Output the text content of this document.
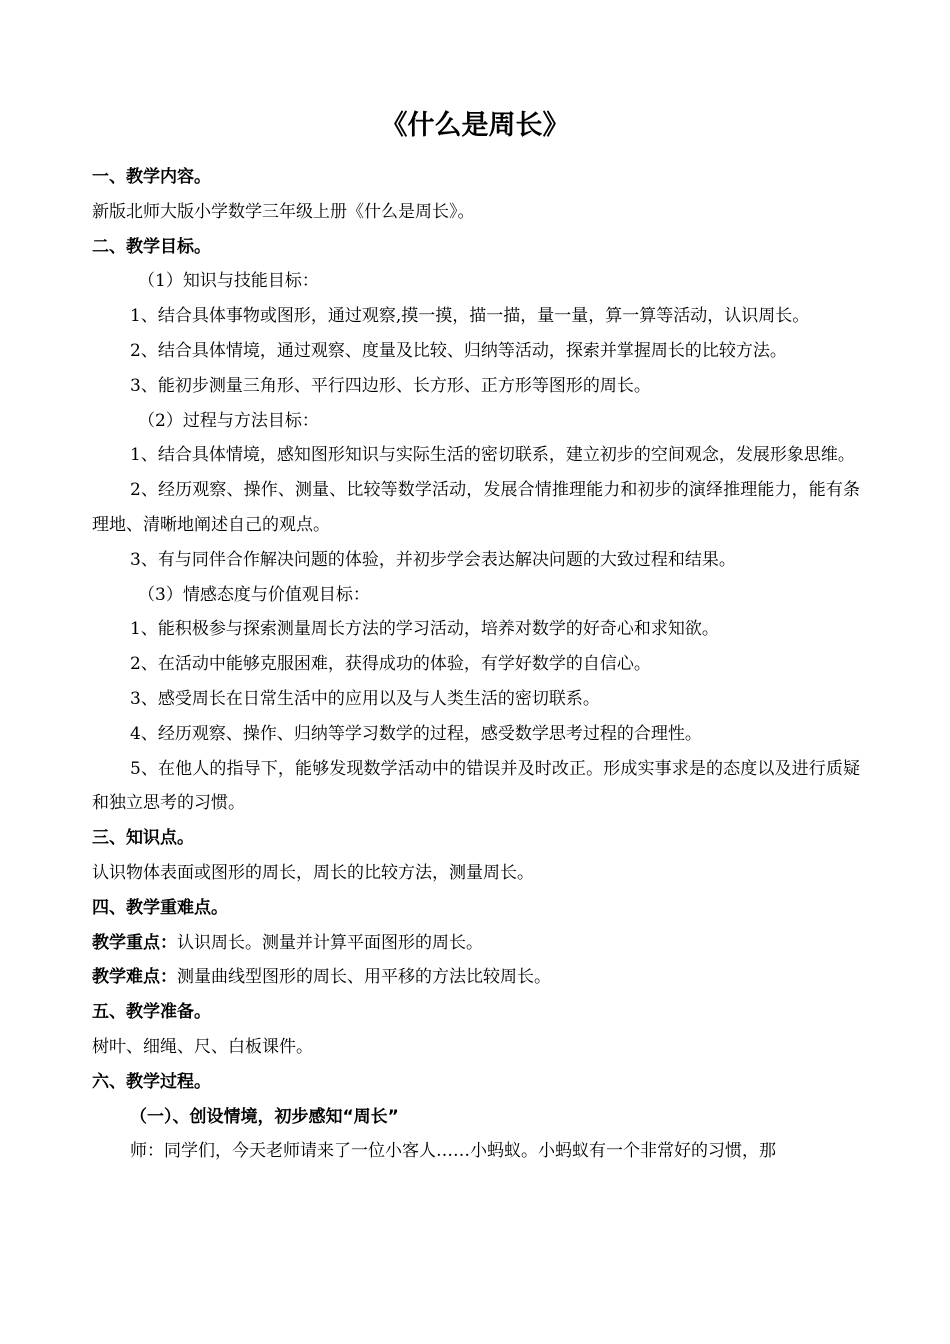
《什么是周长》

一、教学内容。

新版北师大版小学数学三年级上册《什么是周长》。

二、教学目标。

（1）知识与技能目标：

1、结合具体事物或图形，通过观察,摸一摸，描一描，量一量，算一算等活动，认识周长。

2、结合具体情境，通过观察、度量及比较、归纳等活动，探索并掌握周长的比较方法。

3、能初步测量三角形、平行四边形、长方形、正方形等图形的周长。

（2）过程与方法目标：

1、结合具体情境，感知图形知识与实际生活的密切联系，建立初步的空间观念，发展形象思维。

2、经历观察、操作、测量、比较等数学活动，发展合情推理能力和初步的演绎推理能力，能有条理地、清晰地阐述自己的观点。

3、有与同伴合作解决问题的体验，并初步学会表达解决问题的大致过程和结果。

（3）情感态度与价值观目标：

1、能积极参与探索测量周长方法的学习活动，培养对数学的好奇心和求知欲。

2、在活动中能够克服困难，获得成功的体验，有学好数学的自信心。

3、感受周长在日常生活中的应用以及与人类生活的密切联系。

4、经历观察、操作、归纳等学习数学的过程，感受数学思考过程的合理性。

5、在他人的指导下，能够发现数学活动中的错误并及时改正。形成实事求是的态度以及进行质疑和独立思考的习惯。

三、知识点。

认识物体表面或图形的周长，周长的比较方法，测量周长。

四、教学重难点。

教学重点：认识周长。测量并计算平面图形的周长。

教学难点：测量曲线型图形的周长、用平移的方法比较周长。

五、教学准备。

树叶、细绳、尺、白板课件。

六、教学过程。

（一）、创设情境，初步感知“周长”

师：同学们，今天老师请来了一位小客人……小蚂蚁。小蚂蚁有一个非常好的习惯，那
